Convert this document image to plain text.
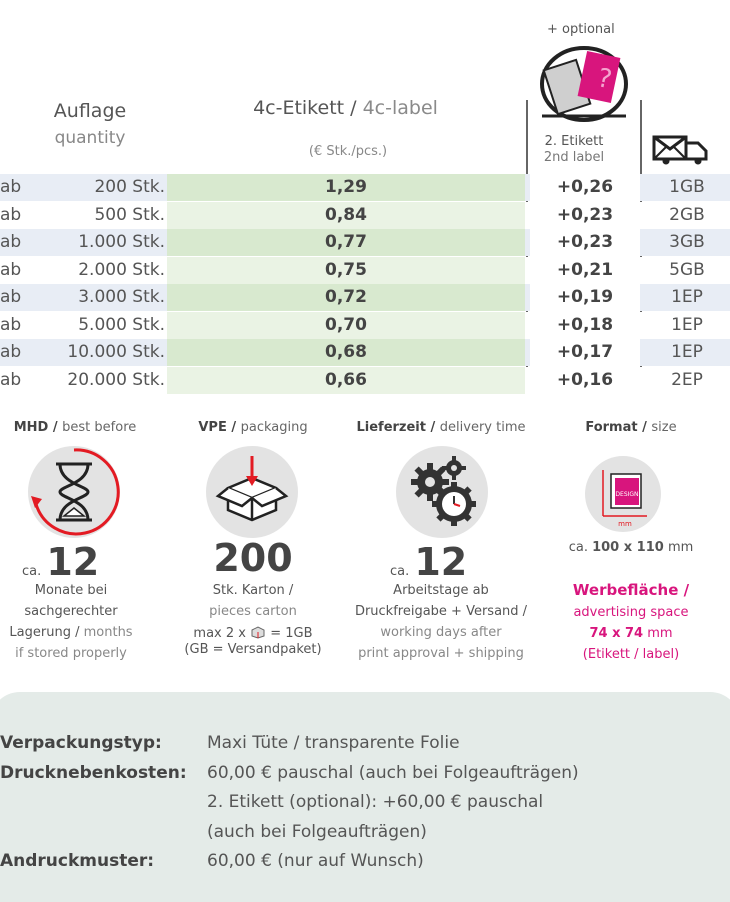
+ optional
?
Auflage
quantity
4c-Etikett / 4c-label
(€ Stk./pcs.)
2. Etikett
2nd label
ab	200 Stk.	1,29	+0,26	1GB
ab	500 Stk.	0,84	+0,23	2GB
ab	1.000 Stk.	0,77	+0,23	3GB
ab	2.000 Stk.	0,75	+0,21	5GB
ab	3.000 Stk.	0,72	+0,19	1EP
ab	5.000 Stk.	0,70	+0,18	1EP
ab	10.000 Stk.	0,68	+0,17	1EP
ab	20.000 Stk.	0,66	+0,16	2EP
MHD / best before
ca. 12
Monate bei
sachgerechter
Lagerung / months
if stored properly
VPE / packaging
200
Stk. Karton /
pieces carton
max 2 x = 1GB
(GB = Versandpaket)
Lieferzeit / delivery time
ca. 12
Arbeitstage ab
Druckfreigabe + Versand /
working days after
print approval + shipping
Format / size
DESIGN
mm
ca. 100 x 110 mm
Werbefläche /
advertising space
74 x 74 mm
(Etikett / label)
Verpackungstyp:	Maxi Tüte / transparente Folie
Drucknebenkosten: 60,00 € pauschal (auch bei Folgeaufträgen)
2. Etikett (optional): +60,00 € pauschal
(auch bei Folgeaufträgen)
Andruckmuster:	60,00 € (nur auf Wunsch)
